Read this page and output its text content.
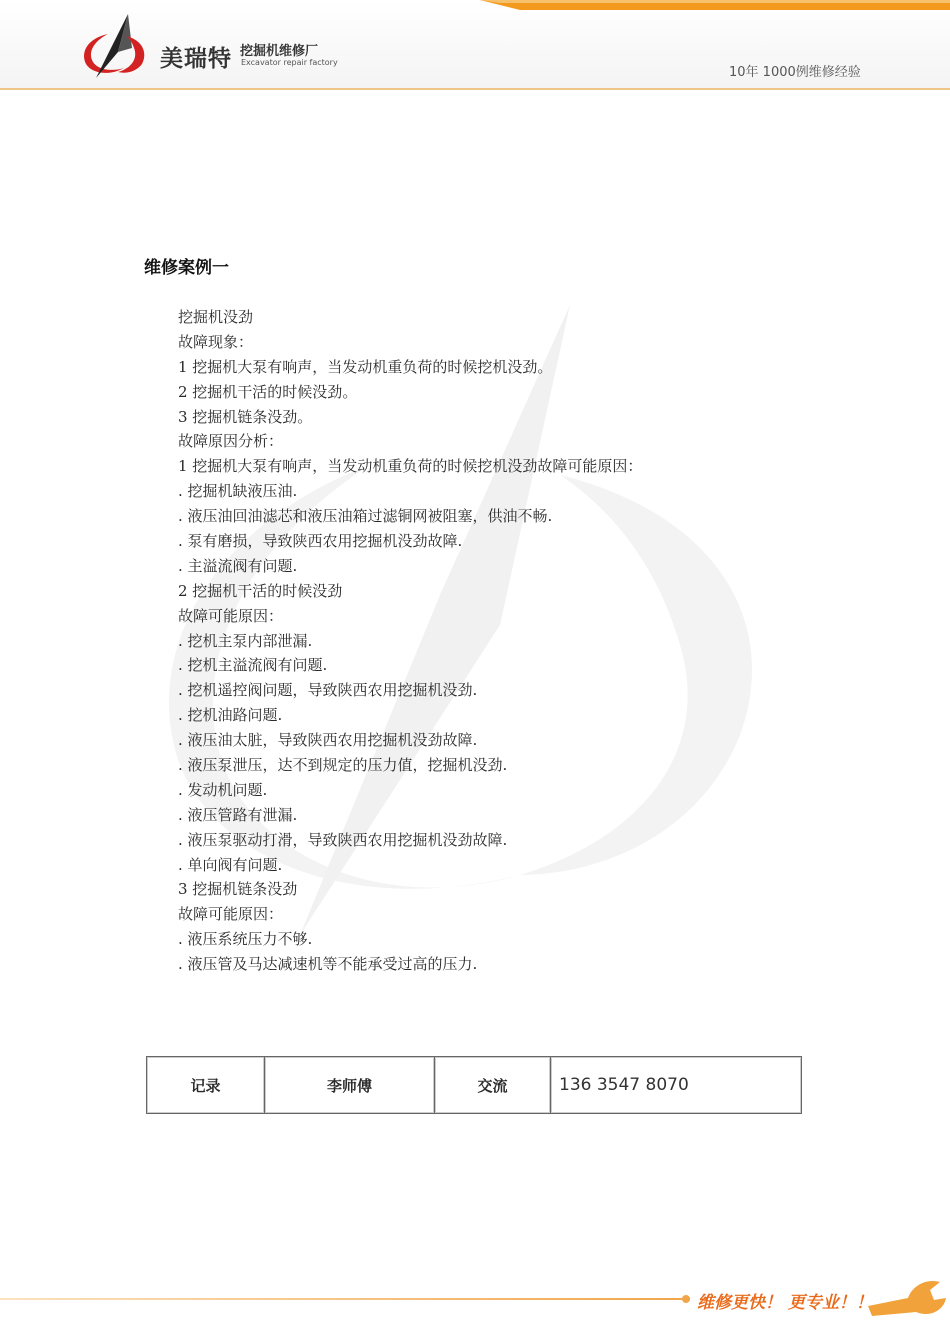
美瑞特 挖掘机维修厂
Excavator repair factory
10年 1000例维修经验
维修案例一
挖掘机没劲
故障现象：
1 挖掘机大泵有响声，当发动机重负荷的时候挖机没劲。
2 挖掘机干活的时候没劲。
3 挖掘机链条没劲。
故障原因分析：
1 挖掘机大泵有响声，当发动机重负荷的时候挖机没劲故障可能原因：
. 挖掘机缺液压油.
. 液压油回油滤芯和液压油箱过滤铜网被阻塞，供油不畅.
. 泵有磨损，导致陕西农用挖掘机没劲故障.
. 主溢流阀有问题.
2 挖掘机干活的时候没劲
故障可能原因：
. 挖机主泵内部泄漏.
. 挖机主溢流阀有问题.
. 挖机遥控阀问题，导致陕西农用挖掘机没劲.
. 挖机油路问题.
. 液压油太脏，导致陕西农用挖掘机没劲故障.
. 液压泵泄压，达不到规定的压力值，挖掘机没劲.
. 发动机问题.
. 液压管路有泄漏.
. 液压泵驱动打滑，导致陕西农用挖掘机没劲故障.
. 单向阀有问题.
3 挖掘机链条没劲
故障可能原因：
. 液压系统压力不够.
. 液压管及马达减速机等不能承受过高的压力.
记录	李师傅	交流	136 3547 8070
维修更快！ 更专业！！
